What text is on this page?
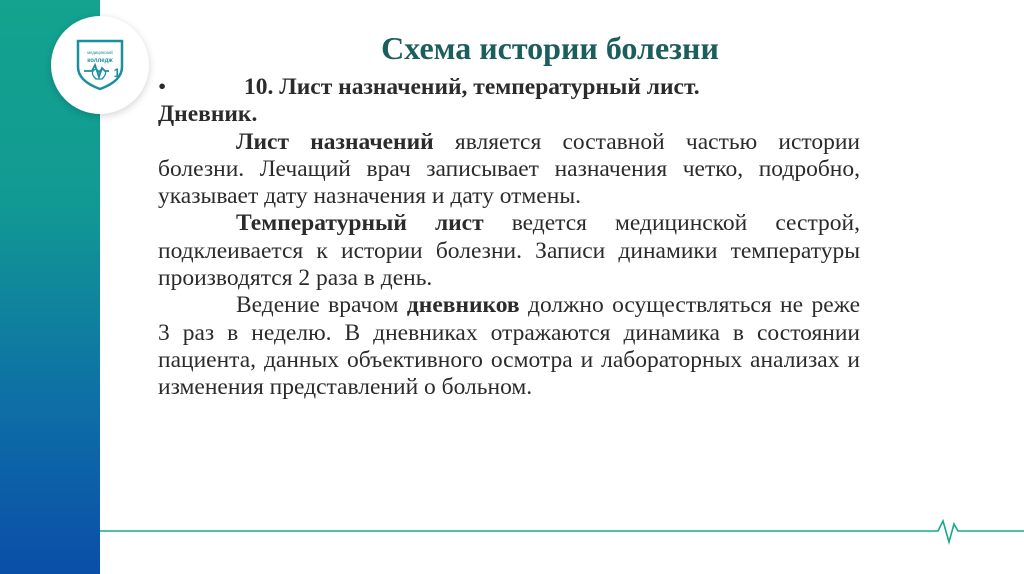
медицинский
колледж
1
Схема истории болезни

•	10. Лист назначений, температурный лист.

Дневник.

Лист назначений является составной частью истории болезни. Лечащий врач записывает назначения четко, подробно, указывает дату назначения и дату отмены.

Температурный лист ведется медицинской сестрой, подклеивается к истории болезни. Записи динамики температуры производятся 2 раза в день.

Ведение врачом дневников должно осуществляться не реже 3 раз в неделю. В дневниках отражаются динамика в состоянии пациента, данных объективного осмотра и лабораторных анализах и изменения представлений о больном.
